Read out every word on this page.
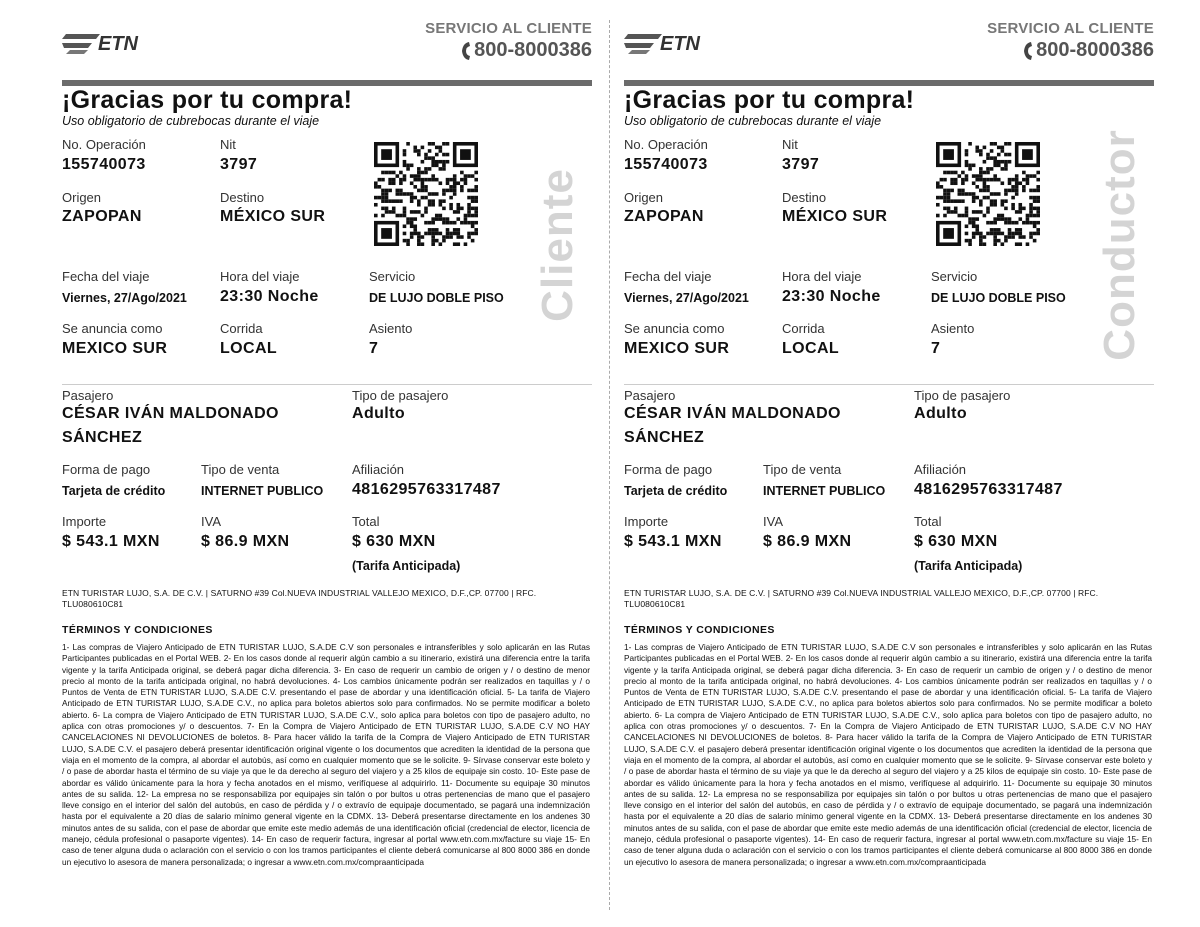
ETN
SERVICIO AL CLIENTE
800-8000386
¡Gracias por tu compra!
Uso obligatorio de cubrebocas durante el viaje
No. Operación
155740073
Nit
3797
Origen
ZAPOPAN
Destino
MÉXICO SUR
Fecha del viaje
Viernes, 27/Ago/2021
Hora del viaje
23:30 Noche
Servicio
DE LUJO DOBLE PISO
Se anuncia como
MEXICO SUR
Corrida
LOCAL
Asiento
7
Cliente
Pasajero
CÉSAR IVÁN MALDONADO
SÁNCHEZ
Tipo de pasajero
Adulto
Forma de pago
Tarjeta de crédito
Tipo de venta
INTERNET PUBLICO
Afiliación
4816295763317487
Importe
$ 543.1 MXN
IVA
$ 86.9 MXN
Total
$ 630 MXN
(Tarifa Anticipada)
ETN TURISTAR LUJO, S.A. DE C.V. | SATURNO #39 Col.NUEVA INDUSTRIAL VALLEJO MEXICO, D.F.,CP. 07700 | RFC. TLU080610C81
TÉRMINOS Y CONDICIONES
1- Las compras de Viajero Anticipado de ETN TURISTAR LUJO, S.A.DE C.V son personales e intransferibles y solo aplicarán en las Rutas Participantes publicadas en el Portal WEB. 2- En los casos donde al requerir algún cambio a su itinerario, existirá una diferencia entre la tarifa vigente y la tarifa Anticipada original, se deberá pagar dicha diferencia. 3- En caso de requerir un cambio de origen y / o destino de menor precio al monto de la tarifa anticipada original, no habrá devoluciones. 4- Los cambios únicamente podrán ser realizados en taquillas y / o Puntos de Venta de ETN TURISTAR LUJO, S.A.DE C.V. presentando el pase de abordar y una identificación oficial. 5- La tarifa de Viajero Anticipado de ETN TURISTAR LUJO, S.A.DE C.V., no aplica para boletos abiertos solo para confirmados. No se permite modificar a boleto abierto. 6- La compra de Viajero Anticipado de ETN TURISTAR LUJO, S.A.DE C.V., solo aplica para boletos con tipo de pasajero adulto, no aplica con otras promociones y/ o descuentos. 7- En la Compra de Viajero Anticipado de ETN TURISTAR LUJO, S.A.DE C.V NO HAY CANCELACIONES NI DEVOLUCIONES de boletos. 8- Para hacer válido la tarifa de la Compra de Viajero Anticipado de ETN TURISTAR LUJO, S.A.DE C.V. el pasajero deberá presentar identificación original vigente o los documentos que acrediten la identidad de la persona que viaja en el momento de la compra, al abordar el autobús, así como en cualquier momento que se le solicite. 9- Sírvase conservar este boleto y / o pase de abordar hasta el término de su viaje ya que le da derecho al seguro del viajero y a 25 kilos de equipaje sin costo. 10- Este pase de abordar es válido únicamente para la hora y fecha anotados en el mismo, verifíquese al adquirirlo. 11- Documente su equipaje 30 minutos antes de su salida. 12- La empresa no se responsabiliza por equipajes sin talón o por bultos u otras pertenencias de mano que el pasajero lleve consigo en el interior del salón del autobús, en caso de pérdida y / o extravío de equipaje documentado, se pagará una indemnización hasta por el equivalente a 20 días de salario mínimo general vigente en la CDMX. 13- Deberá presentarse directamente en los andenes 30 minutos antes de su salida, con el pase de abordar que emite este medio además de una identificación oficial (credencial de elector, licencia de manejo, cédula profesional o pasaporte vigentes). 14- En caso de requerir factura, ingresar al portal www.etn.com.mx/facture su viaje 15- En caso de tener alguna duda o aclaración con el servicio o con los tramos participantes el cliente deberá comunicarse al 800 8000 386 en donde un ejecutivo lo asesora de manera personalizada; o ingresar a www.etn.com.mx/compraanticipada
ETN
SERVICIO AL CLIENTE
800-8000386
¡Gracias por tu compra!
Uso obligatorio de cubrebocas durante el viaje
No. Operación
155740073
Nit
3797
Origen
ZAPOPAN
Destino
MÉXICO SUR
Fecha del viaje
Viernes, 27/Ago/2021
Hora del viaje
23:30 Noche
Servicio
DE LUJO DOBLE PISO
Se anuncia como
MEXICO SUR
Corrida
LOCAL
Asiento
7	Conductor
Pasajero
CÉSAR IVÁN MALDONADO
SÁNCHEZ
Tipo de pasajero
Adulto
Forma de pago
Tarjeta de crédito
Tipo de venta
INTERNET PUBLICO
Afiliación
4816295763317487
Importe
$ 543.1 MXN
IVA
$ 86.9 MXN
Total
$ 630 MXN
(Tarifa Anticipada)
ETN TURISTAR LUJO, S.A. DE C.V. | SATURNO #39 Col.NUEVA INDUSTRIAL VALLEJO MEXICO, D.F.,CP. 07700 | RFC. TLU080610C81
TÉRMINOS Y CONDICIONES
1- Las compras de Viajero Anticipado de ETN TURISTAR LUJO, S.A.DE C.V son personales e intransferibles y solo aplicarán en las Rutas Participantes publicadas en el Portal WEB. 2- En los casos donde al requerir algún cambio a su itinerario, existirá una diferencia entre la tarifa vigente y la tarifa Anticipada original, se deberá pagar dicha diferencia. 3- En caso de requerir un cambio de origen y / o destino de menor precio al monto de la tarifa anticipada original, no habrá devoluciones. 4- Los cambios únicamente podrán ser realizados en taquillas y / o Puntos de Venta de ETN TURISTAR LUJO, S.A.DE C.V. presentando el pase de abordar y una identificación oficial. 5- La tarifa de Viajero Anticipado de ETN TURISTAR LUJO, S.A.DE C.V., no aplica para boletos abiertos solo para confirmados. No se permite modificar a boleto abierto. 6- La compra de Viajero Anticipado de ETN TURISTAR LUJO, S.A.DE C.V., solo aplica para boletos con tipo de pasajero adulto, no aplica con otras promociones y/ o descuentos. 7- En la Compra de Viajero Anticipado de ETN TURISTAR LUJO, S.A.DE C.V NO HAY CANCELACIONES NI DEVOLUCIONES de boletos. 8- Para hacer válido la tarifa de la Compra de Viajero Anticipado de ETN TURISTAR LUJO, S.A.DE C.V. el pasajero deberá presentar identificación original vigente o los documentos que acrediten la identidad de la persona que viaja en el momento de la compra, al abordar el autobús, así como en cualquier momento que se le solicite. 9- Sírvase conservar este boleto y / o pase de abordar hasta el término de su viaje ya que le da derecho al seguro del viajero y a 25 kilos de equipaje sin costo. 10- Este pase de abordar es válido únicamente para la hora y fecha anotados en el mismo, verifíquese al adquirirlo. 11- Documente su equipaje 30 minutos antes de su salida. 12- La empresa no se responsabiliza por equipajes sin talón o por bultos u otras pertenencias de mano que el pasajero lleve consigo en el interior del salón del autobús, en caso de pérdida y / o extravío de equipaje documentado, se pagará una indemnización hasta por el equivalente a 20 días de salario mínimo general vigente en la CDMX. 13- Deberá presentarse directamente en los andenes 30 minutos antes de su salida, con el pase de abordar que emite este medio además de una identificación oficial (credencial de elector, licencia de manejo, cédula profesional o pasaporte vigentes). 14- En caso de requerir factura, ingresar al portal www.etn.com.mx/facture su viaje 15- En caso de tener alguna duda o aclaración con el servicio o con los tramos participantes el cliente deberá comunicarse al 800 8000 386 en donde un ejecutivo lo asesora de manera personalizada; o ingresar a www.etn.com.mx/compraanticipada
